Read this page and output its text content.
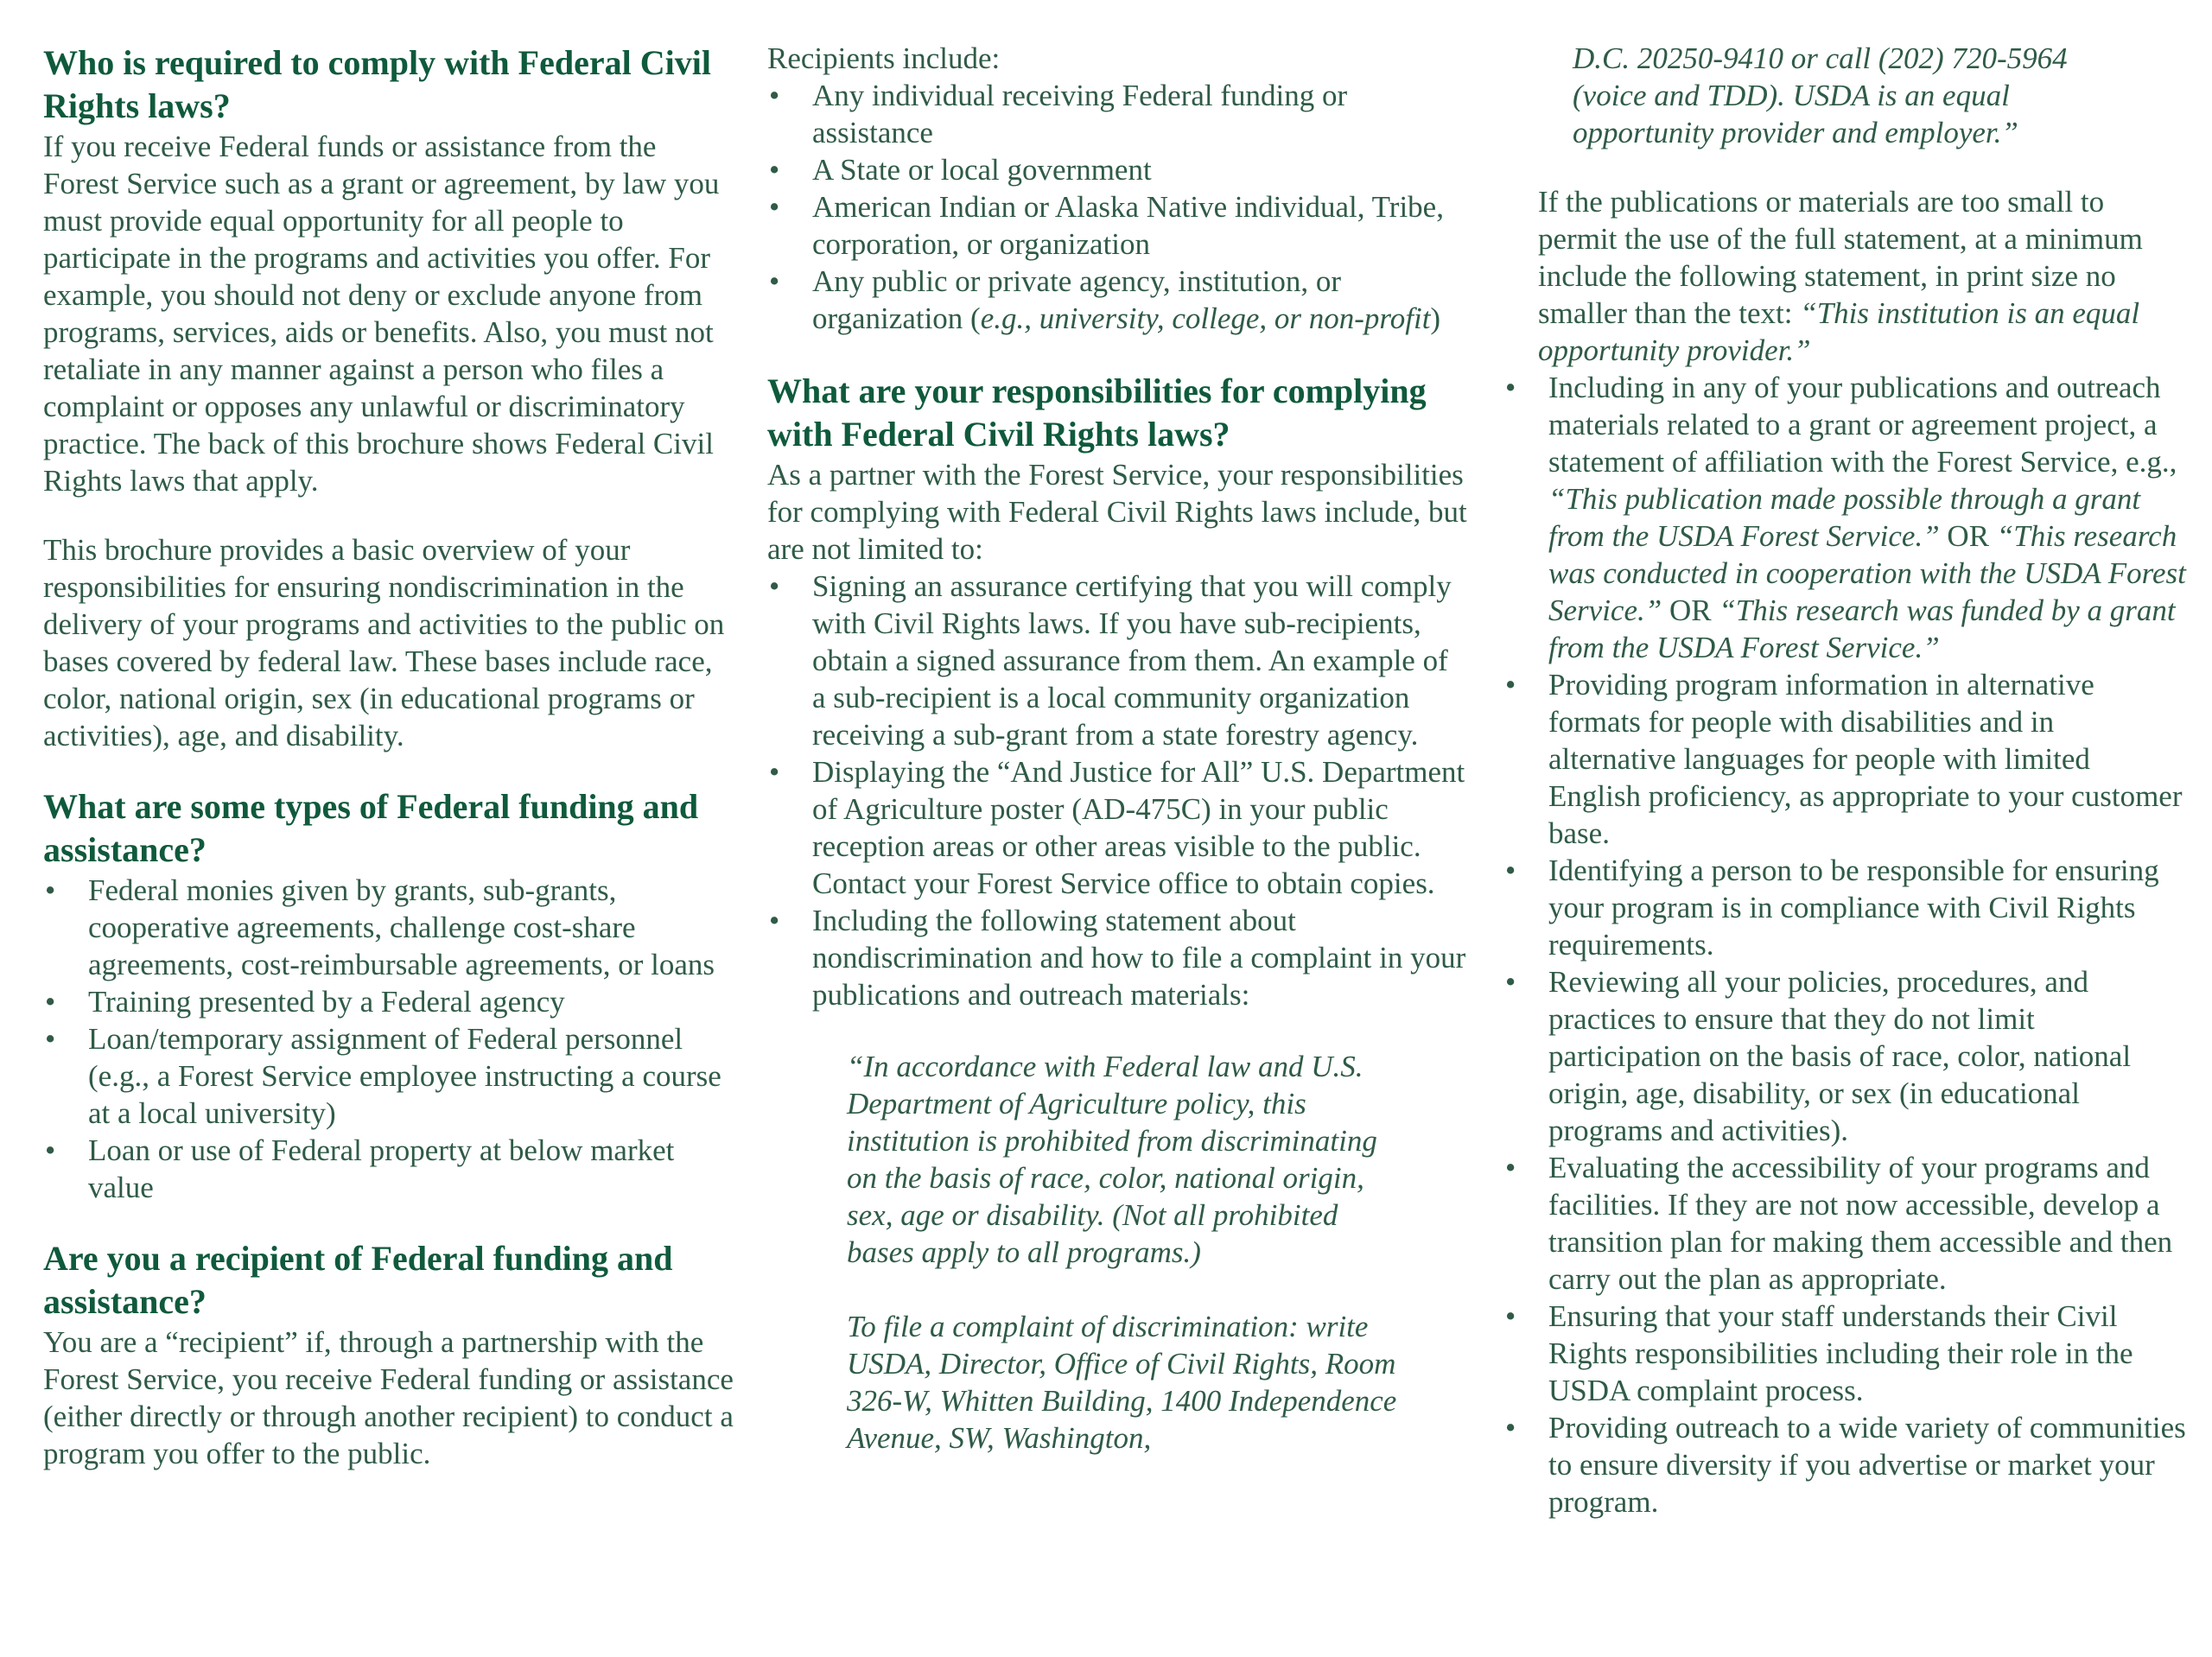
Who is required to comply with Federal Civil Rights laws?

If you receive Federal funds or assistance from the Forest Service such as a grant or agreement, by law you must provide equal opportunity for all people to participate in the programs and activities you offer. For example, you should not deny or exclude anyone from programs, services, aids or benefits. Also, you must not retaliate in any manner against a person who files a complaint or opposes any unlawful or discriminatory practice. The back of this brochure shows Federal Civil Rights laws that apply.

This brochure provides a basic overview of your responsibilities for ensuring nondiscrimination in the delivery of your programs and activities to the public on bases covered by federal law. These bases include race, color, national origin, sex (in educational programs or activities), age, and disability.

What are some types of Federal funding and assistance?
• Federal monies given by grants, sub-grants, cooperative agreements, challenge cost-share agreements, cost-reimbursable agreements, or loans
• Training presented by a Federal agency
• Loan/temporary assignment of Federal personnel (e.g., a Forest Service employee instructing a course at a local university)
• Loan or use of Federal property at below market value
Are you a recipient of Federal funding and assistance?

You are a “recipient” if, through a partnership with the Forest Service, you receive Federal funding or assistance (either directly or through another recipient) to conduct a program you offer to the public.

Recipients include:

• Any individual receiving Federal funding or assistance
• A State or local government
• American Indian or Alaska Native individual, Tribe, corporation, or organization
• Any public or private agency, institution, or organization (e.g., university, college, or non-profit)
What are your responsibilities for complying with Federal Civil Rights laws?

As a partner with the Forest Service, your responsibilities for complying with Federal Civil Rights laws include, but are not limited to:

• Signing an assurance certifying that you will comply with Civil Rights laws. If you have sub-recipients, obtain a signed assurance from them. An example of a sub-recipient is a local community organization receiving a sub-grant from a state forestry agency.
• Displaying the “And Justice for All” U.S. Department of Agriculture poster (AD-475C) in your public reception areas or other areas visible to the public. Contact your Forest Service office to obtain copies.
• Including the following statement about nondiscrimination and how to file a complaint in your publications and outreach materials:

“In accordance with Federal law and U.S. Department of Agriculture policy, this institution is prohibited from discriminating on the basis of race, color, national origin, sex, age or disability. (Not all prohibited bases apply to all programs.)

To file a complaint of discrimination: write USDA, Director, Office of Civil Rights, Room 326-W, Whitten Building, 1400 Independence Avenue, SW, Washington,

D.C. 20250-9410 or call (202) 720-5964 (voice and TDD). USDA is an equal opportunity provider and employer.”

If the publications or materials are too small to permit the use of the full statement, at a minimum include the following statement, in print size no smaller than the text: “This institution is an equal opportunity provider.”

• Including in any of your publications and outreach materials related to a grant or agreement project, a statement of affiliation with the Forest Service, e.g., “This publication made possible through a grant from the USDA Forest Service.” OR “This research was conducted in cooperation with the USDA Forest Service.” OR “This research was funded by a grant from the USDA Forest Service.”
• Providing program information in alternative formats for people with disabilities and in alternative languages for people with limited English proficiency, as appropriate to your customer base.
• Identifying a person to be responsible for ensuring your program is in compliance with Civil Rights requirements.
• Reviewing all your policies, procedures, and practices to ensure that they do not limit participation on the basis of race, color, national origin, age, disability, or sex (in educational programs and activities).
• Evaluating the accessibility of your programs and facilities. If they are not now accessible, develop a transition plan for making them accessible and then carry out the plan as appropriate.
• Ensuring that your staff understands their Civil Rights responsibilities including their role in the USDA complaint process.
• Providing outreach to a wide variety of communities to ensure diversity if you advertise or market your program.
